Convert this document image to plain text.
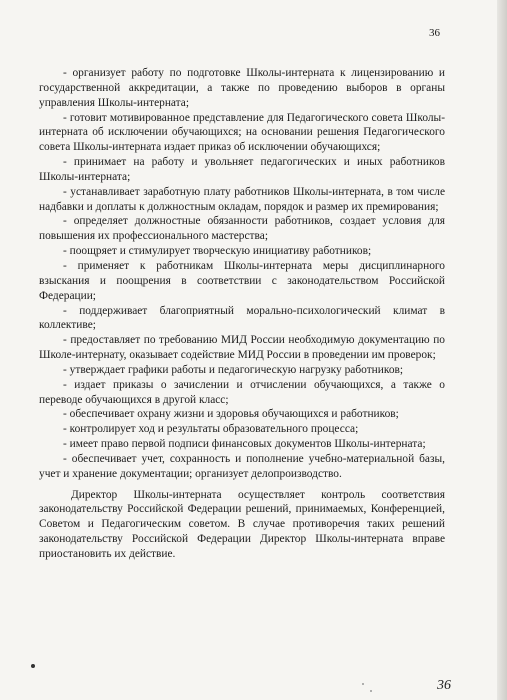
36

- организует работу по подготовке Школы-интерната к лицензированию и государственной аккредитации, а также по проведению выборов в органы управления Школы-интерната;

- готовит мотивированное представление для Педагогического совета Школы-интерната об исключении обучающихся; на основании решения Педагогического совета Школы-интерната издает приказ об исключении обучающихся;

- принимает на работу и увольняет педагогических и иных работников Школы-интерната;

- устанавливает заработную плату работников Школы-интерната, в том числе надбавки и доплаты к должностным окладам, порядок и размер их премирования;

- определяет должностные обязанности работников, создает условия для повышения их профессионального мастерства;

- поощряет и стимулирует творческую инициативу работников;

- применяет к работникам Школы-интерната меры дисциплинарного взыскания и поощрения в соответствии с законодательством Российской Федерации;

- поддерживает благоприятный морально-психологический климат в коллективе;

- предоставляет по требованию МИД России необходимую документацию по Школе-интернату, оказывает содействие МИД России в проведении им проверок;

- утверждает графики работы и педагогическую нагрузку работников;

- издает приказы о зачислении и отчислении обучающихся, а также о переводе обучающихся в другой класс;

- обеспечивает охрану жизни и здоровья обучающихся и работников;

- контролирует ход и результаты образовательного процесса;

- имеет право первой подписи финансовых документов Школы-интерната;

- обеспечивает учет, сохранность и пополнение учебно-материальной базы, учет и хранение документации; организует делопроизводство.

Директор Школы-интерната осуществляет контроль соответствия законодательству Российской Федерации решений, принимаемых, Конференцией, Советом и Педагогическим советом. В случае противоречия таких решений законодательству Российской Федерации Директор Школы-интерната вправе приостановить их действие.

36
